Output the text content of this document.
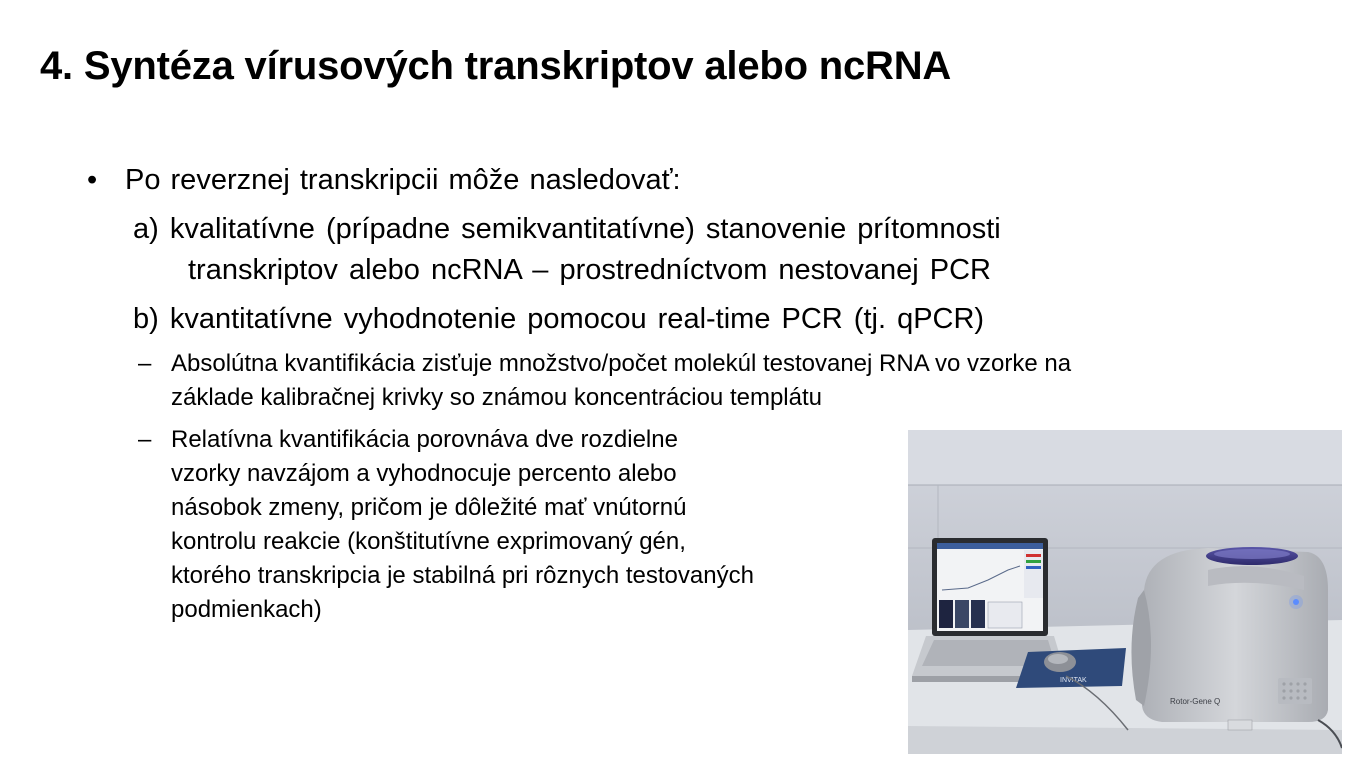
4. Syntéza vírusových transkriptov alebo ncRNA
• Po reverznej transkripcii môže nasledovať:
a) kvalitatívne (prípadne semikvantitatívne) stanovenie prítomnosti
transkriptov alebo ncRNA – prostredníctvom nestovanej PCR
b) kvantitatívne vyhodnotenie pomocou real-time PCR (tj. qPCR)
– Absolútna kvantifikácia zisťuje množstvo/počet molekúl testovanej RNA vo vzorke na
základe kalibračnej krivky so známou koncentráciou templátu
– Relatívna kvantifikácia porovnáva dve rozdielne
vzorky navzájom a vyhodnocuje percento alebo
násobok zmeny, pričom je dôležité mať vnútornú
kontrolu reakcie (konštitutívne exprimovaný gén,
ktorého transkripcia je stabilná pri rôznych testovaných
podmienkach)
INVITAK
Rotor-Gene Q
